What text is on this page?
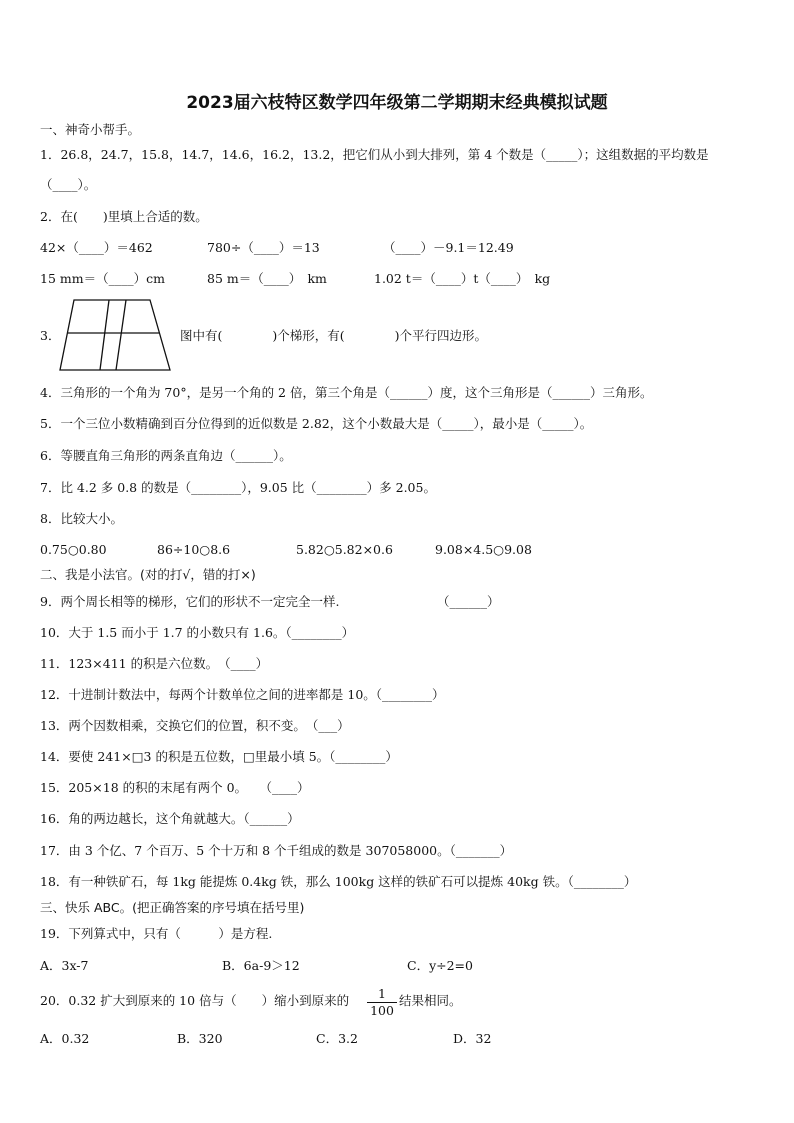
2023届六枝特区数学四年级第二学期期末经典模拟试题
一、神奇小帮手。
1．26.8，24.7，15.8，14.7，14.6，16.2，13.2，把它们从小到大排列，第 4 个数是（_____）；这组数据的平均数是
（____）。
2．在(　　)里填上合适的数。
42×（____）＝462	780÷（____）＝13	（____）－9.1＝12.49
15 mm＝（____）cm	85 m＝（____）　km	1.02 t＝（____）t（____）　kg
3．	图中有(　　　　)个梯形，有(　　　　)个平行四边形。
4．三角形的一个角为 70°，是另一个角的 2 倍，第三个角是（______）度，这个三角形是（______）三角形。
5．一个三位小数精确到百分位得到的近似数是 2.82，这个小数最大是（_____），最小是（_____）。
6．等腰直角三角形的两条直角边（______）。
7．比 4.2 多 0.8 的数是（________），9.05 比（________）多 2.05。
8．比较大小。
0.75○0.80	86÷10○8.6	5.82○5.82×0.6	9.08×4.5○9.08
二、我是小法官。(对的打√，错的打×)
9．两个周长相等的梯形，它们的形状不一定完全一样.	（______）
10．大于 1.5 而小于 1.7 的小数只有 1.6。（________）
11．123×411 的积是六位数。　（____）
12．十进制计数法中，每两个计数单位之间的进率都是 10。（________）
13．两个因数相乘，交换它们的位置，积不变。　（___）
14．要使 241×□3 的积是五位数，□里最小填 5。（________）
15．205×18 的积的末尾有两个 0。　　（____）
16．角的两边越长，这个角就越大。（______）
17．由 3 个亿、7 个百万、5 个十万和 8 个千组成的数是 307058000。（_______）
18．有一种铁矿石，每 1kg 能提炼 0.4kg 铁，那么 100kg 这样的铁矿石可以提炼 40kg 铁。（________）
三、快乐 ABC。(把正确答案的序号填在括号里)
19．下列算式中，只有（　　　）是方程.
A．3x-7	B．6a-9＞12	C．y÷2=0
20．0.32 扩大到原来的 10 倍与（　　）缩小到原来的 $\frac{1}{100}$ 结果相同。
A．0.32	B．320	C．3.2	D．32
